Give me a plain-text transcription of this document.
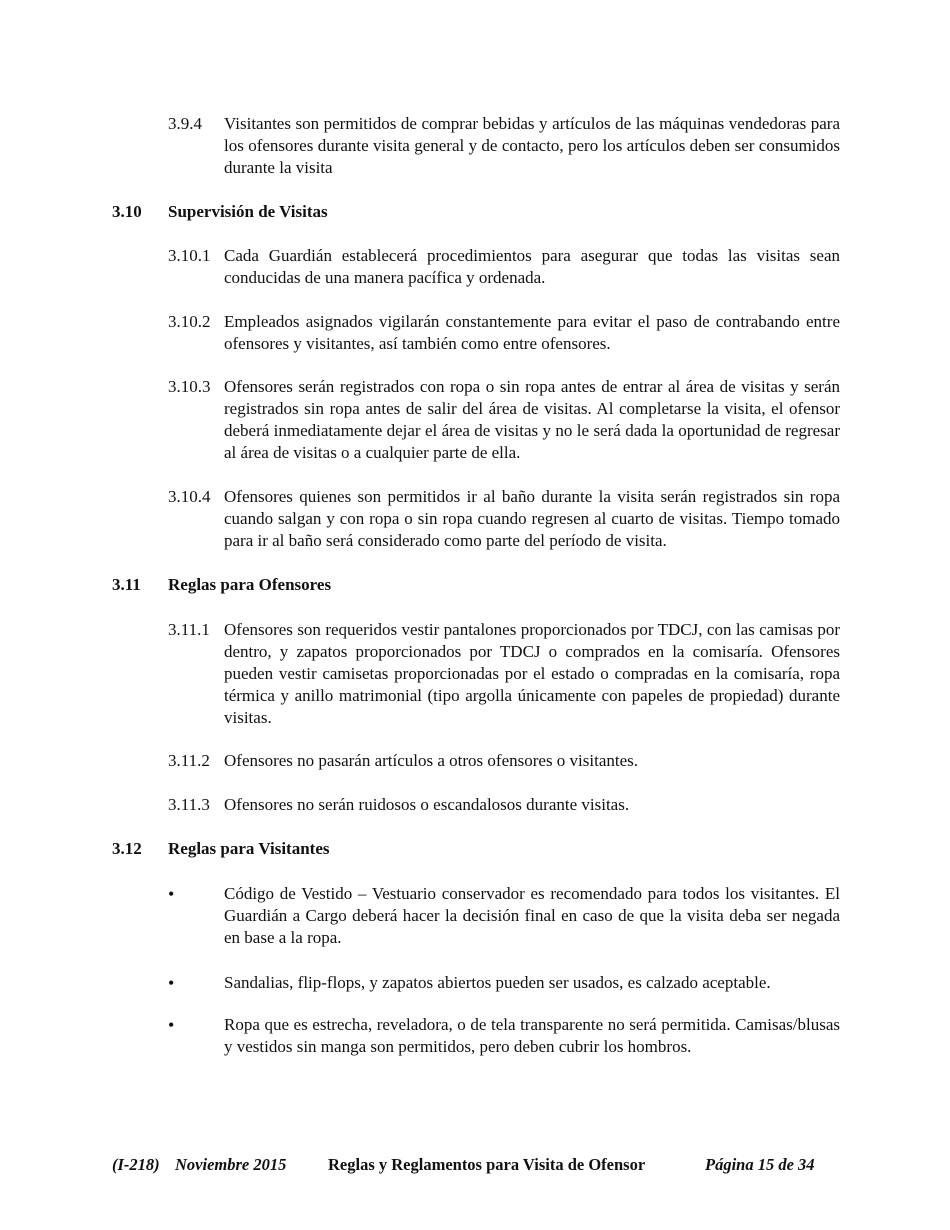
3.9.4	Visitantes son permitidos de comprar bebidas y artículos de las máquinas vendedoras para los ofensores durante visita general y de contacto, pero los artículos deben ser consumidos durante la visita
3.10 Supervisión de Visitas
3.10.1 Cada Guardián establecerá procedimientos para asegurar que todas las visitas sean conducidas de una manera pacífica y ordenada.
3.10.2 Empleados asignados vigilarán constantemente para evitar el paso de contrabando entre ofensores y visitantes, así también como entre ofensores.
3.10.3 Ofensores serán registrados con ropa o sin ropa antes de entrar al área de visitas y serán registrados sin ropa antes de salir del área de visitas. Al completarse la visita, el ofensor deberá inmediatamente dejar el área de visitas y no le será dada la oportunidad de regresar al área de visitas o a cualquier parte de ella.
3.10.4 Ofensores quienes son permitidos ir al baño durante la visita serán registrados sin ropa cuando salgan y con ropa o sin ropa cuando regresen al cuarto de visitas. Tiempo tomado para ir al baño será considerado como parte del período de visita.
3.11 Reglas para Ofensores
3.11.1 Ofensores son requeridos vestir pantalones proporcionados por TDCJ, con las camisas por dentro, y zapatos proporcionados por TDCJ o comprados en la comisaría. Ofensores pueden vestir camisetas proporcionadas por el estado o compradas en la comisaría, ropa térmica y anillo matrimonial (tipo argolla únicamente con papeles de propiedad) durante visitas.
3.11.2 Ofensores no pasarán artículos a otros ofensores o visitantes.
3.11.3 Ofensores no serán ruidosos o escandalosos durante visitas.
3.12 Reglas para Visitantes
•	Código de Vestido – Vestuario conservador es recomendado para todos los visitantes. El Guardián a Cargo deberá hacer la decisión final en caso de que la visita deba ser negada en base a la ropa.
•	Sandalias, flip-flops, y zapatos abiertos pueden ser usados, es calzado aceptable.
•	Ropa que es estrecha, reveladora, o de tela transparente no será permitida. Camisas/blusas y vestidos sin manga son permitidos, pero deben cubrir los hombros.
(I-218) Noviembre 2015	Reglas y Reglamentos para Visita de Ofensor	Página 15 de 34
